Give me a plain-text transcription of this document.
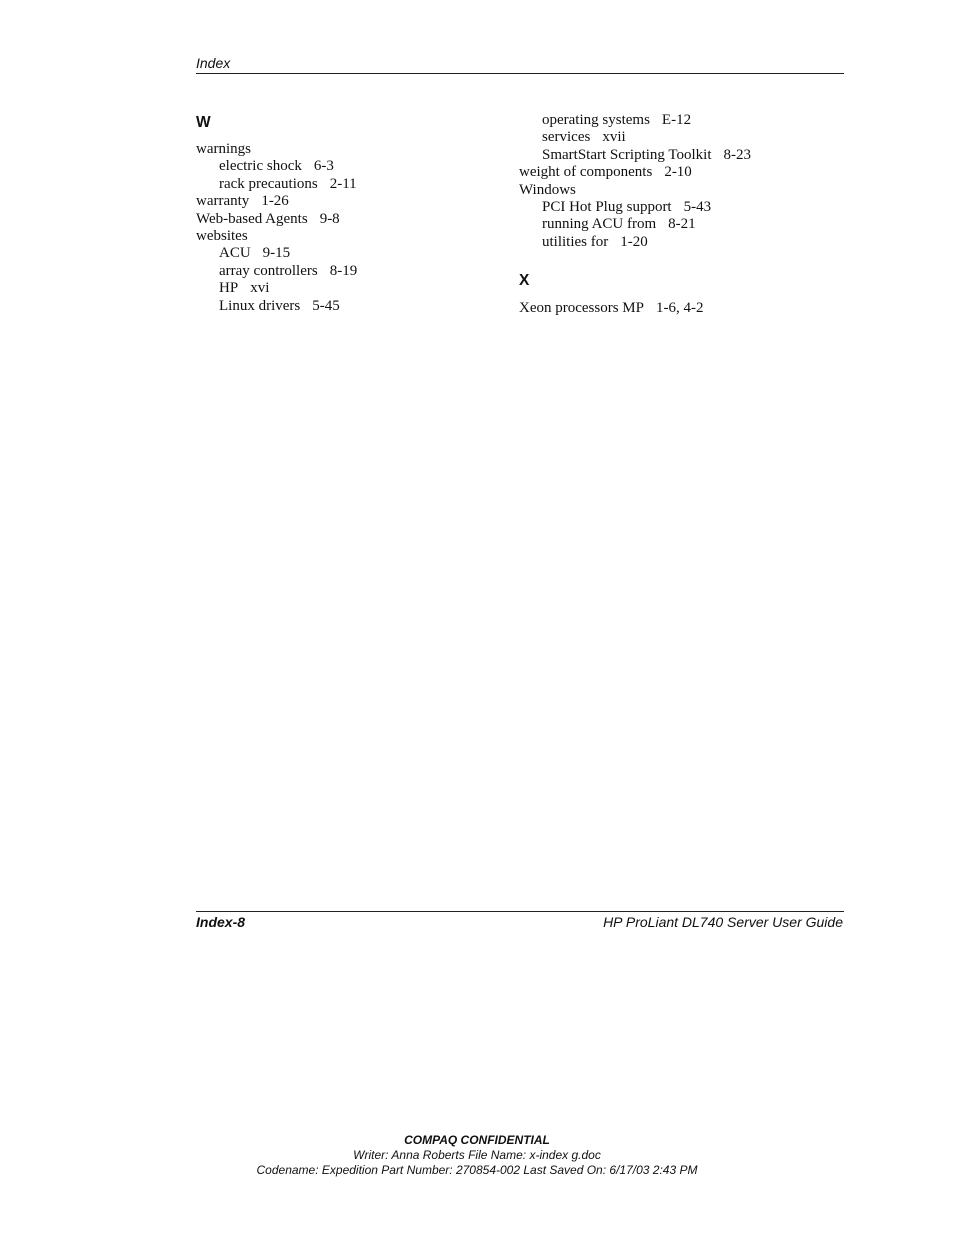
Index
W
warnings
electric shock 6-3
rack precautions 2-11
warranty 1-26
Web-based Agents 9-8
websites
ACU 9-15
array controllers 8-19
HP xvi
Linux drivers 5-45
operating systems E-12
services xvii
SmartStart Scripting Toolkit 8-23
weight of components 2-10
Windows
PCI Hot Plug support 5-43
running ACU from 8-21
utilities for 1-20
X
Xeon processors MP 1-6, 4-2
Index-8	HP ProLiant DL740 Server User Guide
COMPAQ CONFIDENTIAL
Writer: Anna Roberts File Name: x-index g.doc
Codename: Expedition Part Number: 270854-002 Last Saved On: 6/17/03 2:43 PM
